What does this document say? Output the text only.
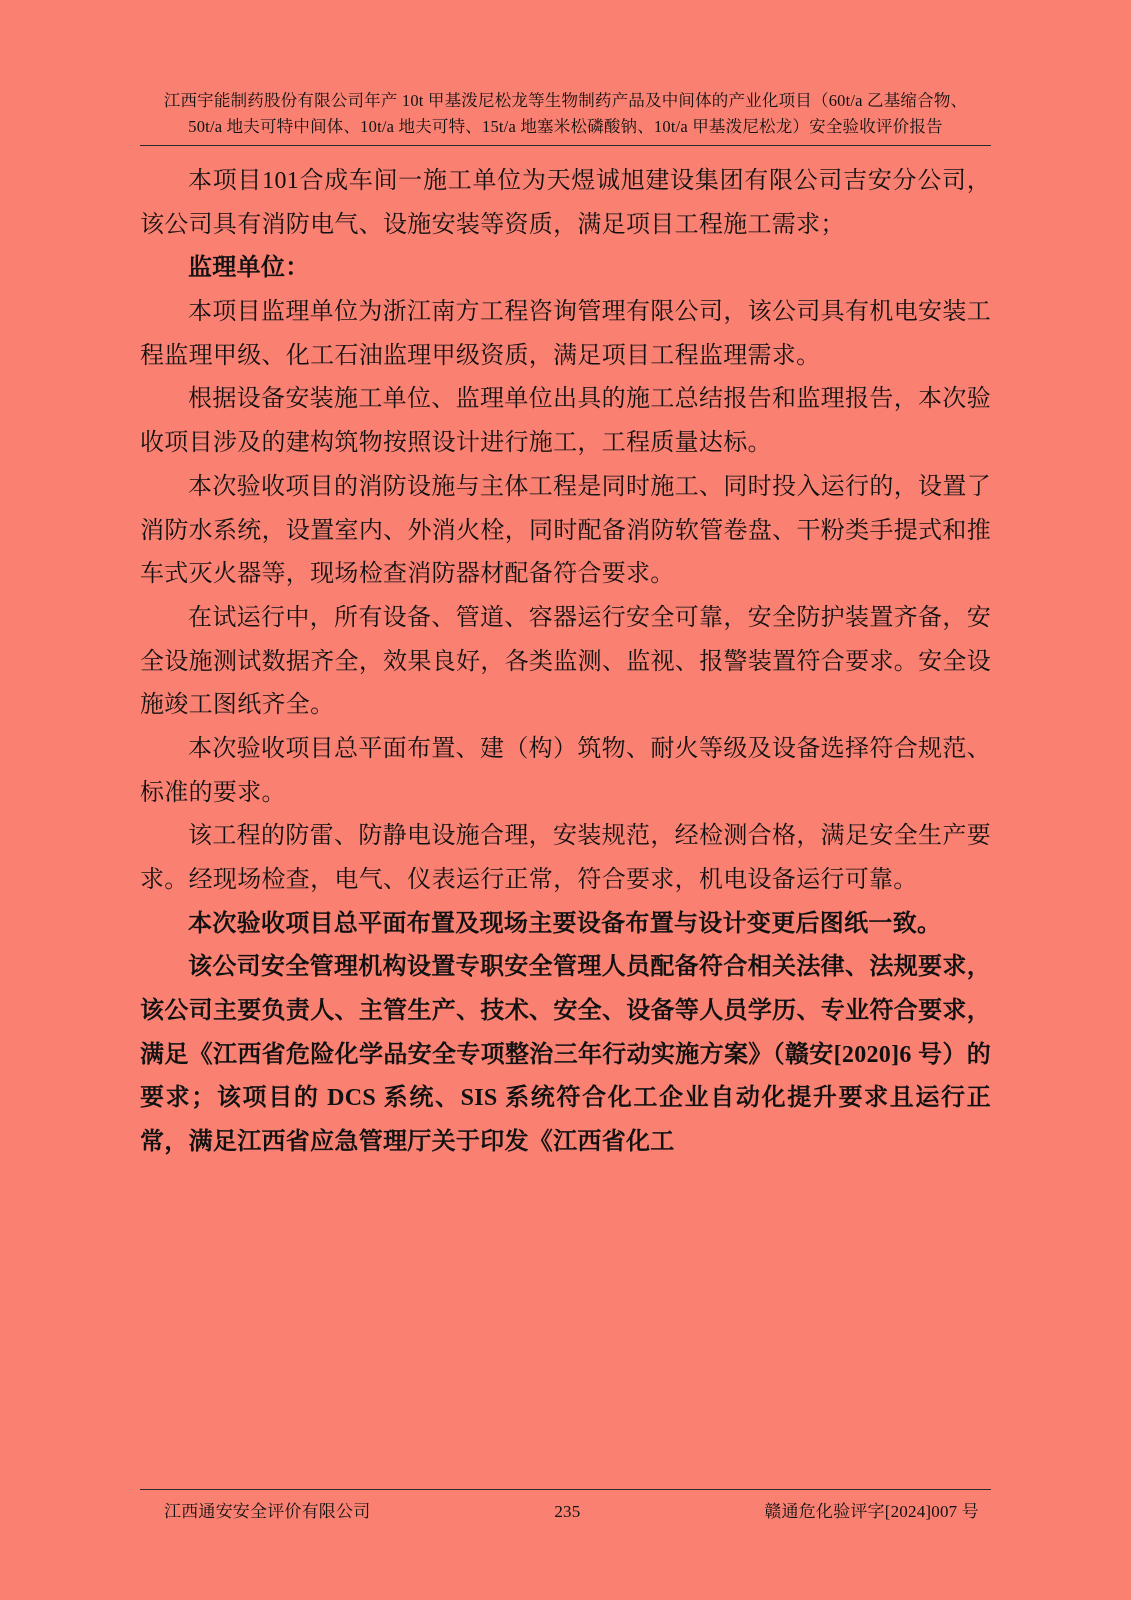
江西宇能制药股份有限公司年产 10t 甲基泼尼松龙等生物制药产品及中间体的产业化项目（60t/a 乙基缩合物、50t/a 地夫可特中间体、10t/a 地夫可特、15t/a 地塞米松磷酸钠、10t/a 甲基泼尼松龙）安全验收评价报告

本项目101合成车间一施工单位为天煜诚旭建设集团有限公司吉安分公司，该公司具有消防电气、设施安装等资质，满足项目工程施工需求；

监理单位：

本项目监理单位为浙江南方工程咨询管理有限公司，该公司具有机电安装工程监理甲级、化工石油监理甲级资质，满足项目工程监理需求。

根据设备安装施工单位、监理单位出具的施工总结报告和监理报告，本次验收项目涉及的建构筑物按照设计进行施工，工程质量达标。

本次验收项目的消防设施与主体工程是同时施工、同时投入运行的，设置了消防水系统，设置室内、外消火栓，同时配备消防软管卷盘、干粉类手提式和推车式灭火器等，现场检查消防器材配备符合要求。

在试运行中，所有设备、管道、容器运行安全可靠，安全防护装置齐备，安全设施测试数据齐全，效果良好，各类监测、监视、报警装置符合要求。安全设施竣工图纸齐全。

本次验收项目总平面布置、建（构）筑物、耐火等级及设备选择符合规范、标准的要求。

该工程的防雷、防静电设施合理，安装规范，经检测合格，满足安全生产要求。经现场检查，电气、仪表运行正常，符合要求，机电设备运行可靠。

本次验收项目总平面布置及现场主要设备布置与设计变更后图纸一致。

该公司安全管理机构设置专职安全管理人员配备符合相关法律、法规要求，该公司主要负责人、主管生产、技术、安全、设备等人员学历、专业符合要求，满足《江西省危险化学品安全专项整治三年行动实施方案》（赣安[2020]6 号）的要求；该项目的 DCS 系统、SIS 系统符合化工企业自动化提升要求且运行正常，满足江西省应急管理厅关于印发《江西省化工

江西通安安全评价有限公司	235	赣通危化验评字[2024]007 号
